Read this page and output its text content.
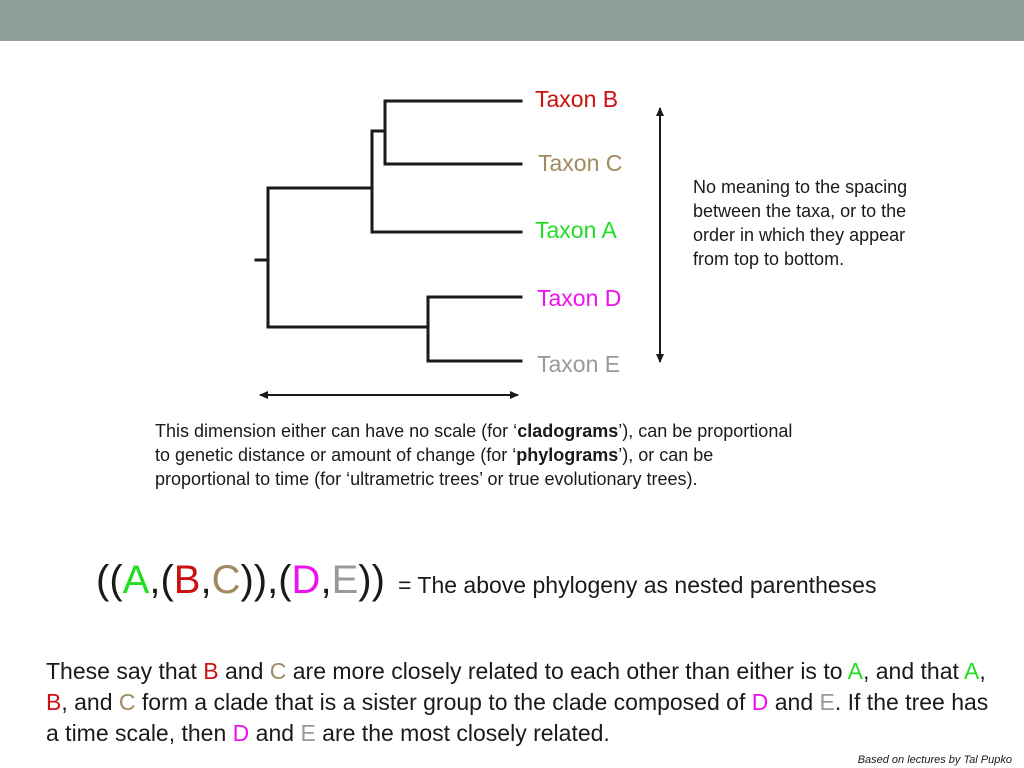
Taxon B
Taxon C
Taxon A
Taxon D
Taxon E
No meaning to the spacing between the taxa, or to the order in which they appear from top to bottom.
This dimension either can have no scale (for ‘cladograms’), can be proportional to genetic distance or amount of change (for ‘phylograms’), or can be proportional to time (for ‘ultrametric trees’ or true evolutionary trees).
((A,(B,C)),(D,E)) = The above phylogeny as nested parentheses
These say that B and C are more closely related to each other than either is to A, and that A, B, and C form a clade that is a sister group to the clade composed of D and E. If the tree has a time scale, then D and E are the most closely related.
Based on lectures by Tal Pupko
